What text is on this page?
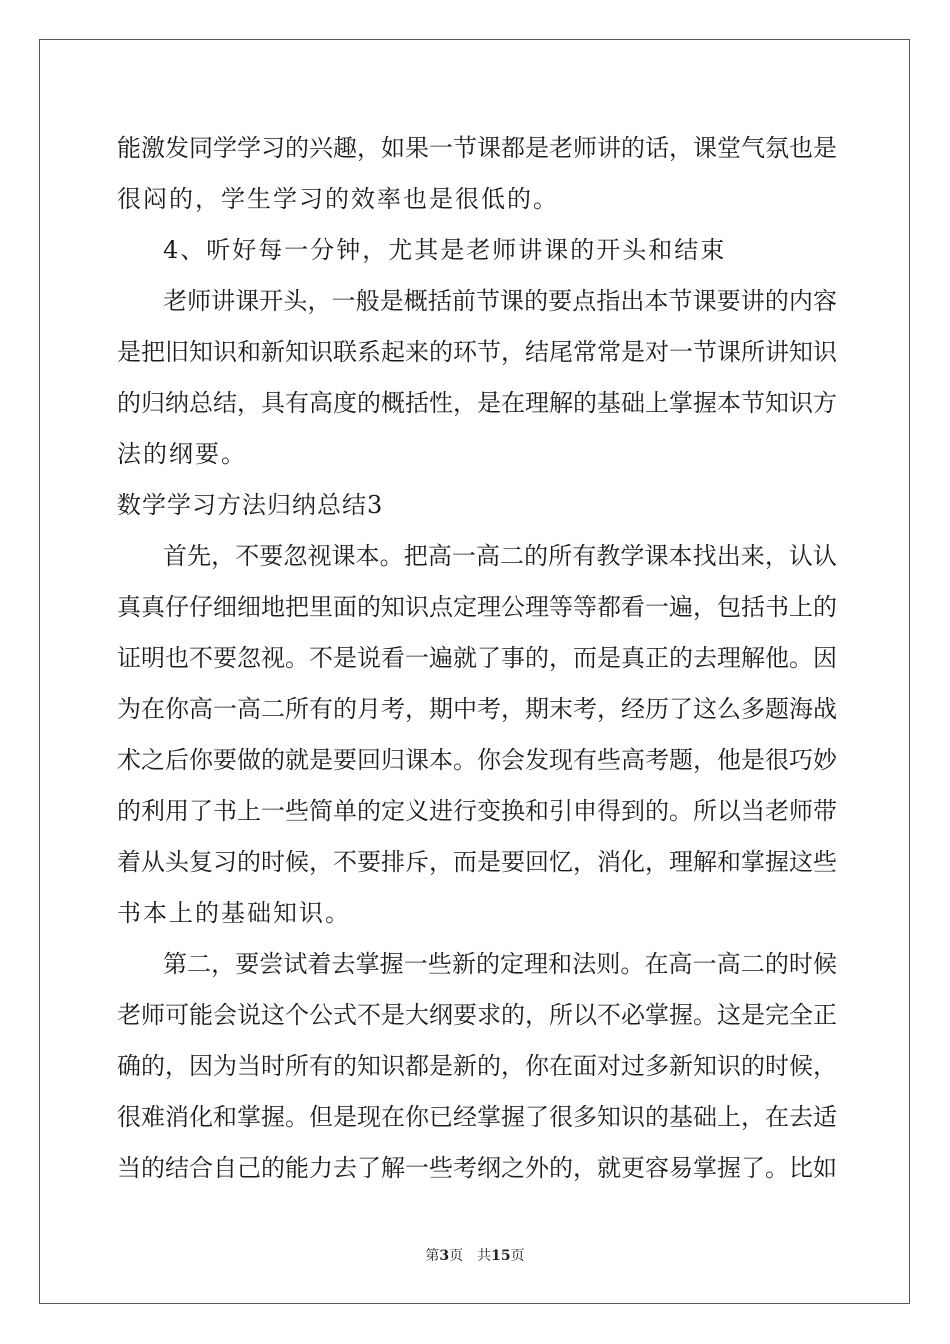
能激发同学学习的兴趣，如果一节课都是老师讲的话，课堂气氛也是
很闷的，学生学习的效率也是很低的。
4、听好每一分钟，尤其是老师讲课的开头和结束
老师讲课开头，一般是概括前节课的要点指出本节课要讲的内容
是把旧知识和新知识联系起来的环节，结尾常常是对一节课所讲知识
的归纳总结，具有高度的概括性，是在理解的基础上掌握本节知识方
法的纲要。
数学学习方法归纳总结3
首先，不要忽视课本。把高一高二的所有教学课本找出来，认认
真真仔仔细细地把里面的知识点定理公理等等都看一遍，包括书上的
证明也不要忽视。不是说看一遍就了事的，而是真正的去理解他。因
为在你高一高二所有的月考，期中考，期末考，经历了这么多题海战
术之后你要做的就是要回归课本。你会发现有些高考题，他是很巧妙
的利用了书上一些简单的定义进行变换和引申得到的。所以当老师带
着从头复习的时候，不要排斥，而是要回忆，消化，理解和掌握这些
书本上的基础知识。
第二，要尝试着去掌握一些新的定理和法则。在高一高二的时候
老师可能会说这个公式不是大纲要求的，所以不必掌握。这是完全正
确的，因为当时所有的知识都是新的，你在面对过多新知识的时候，
很难消化和掌握。但是现在你已经掌握了很多知识的基础上，在去适
当的结合自己的能力去了解一些考纲之外的，就更容易掌握了。比如
第3页 共15页
